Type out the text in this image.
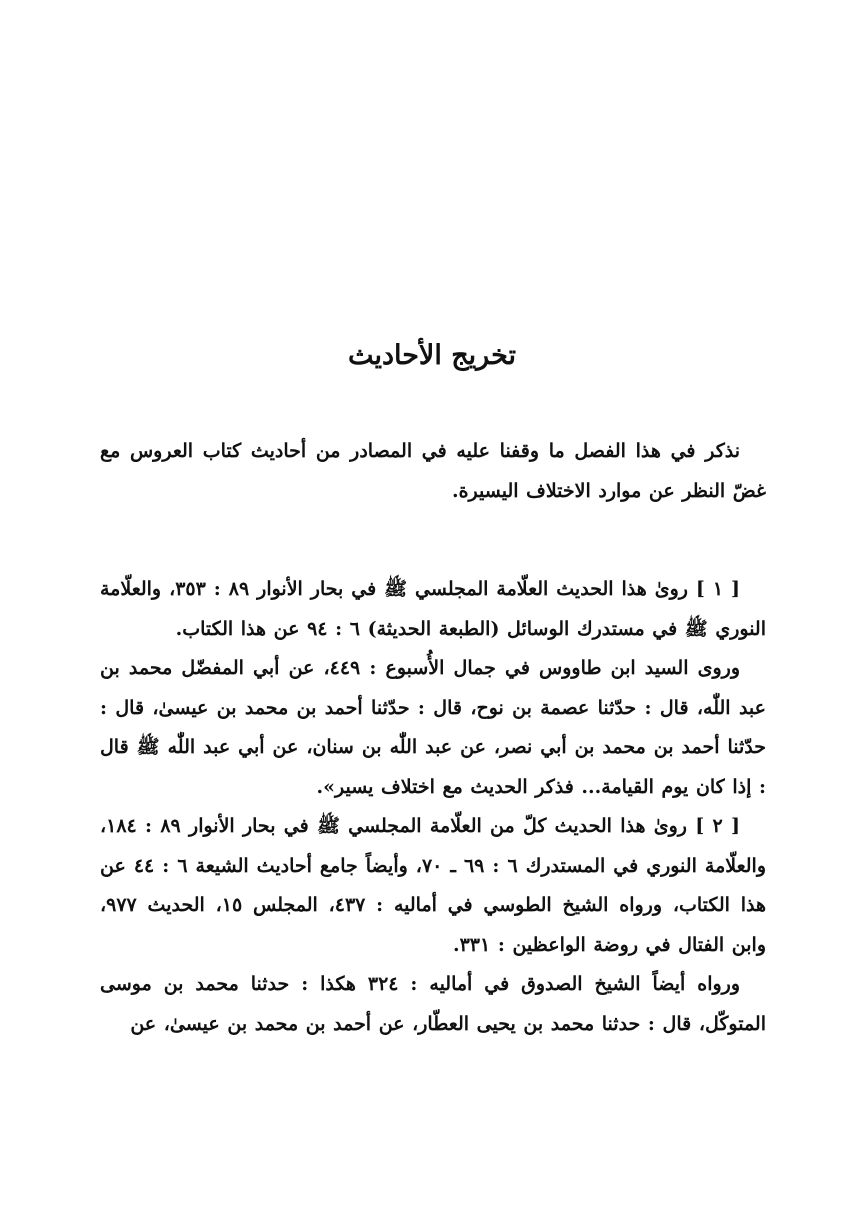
تخريج الأحاديث

نذكر في هذا الفصل ما وقفنا عليه في المصادر من أحاديث كتاب العروس مع غضّ النظر عن موارد الاختلاف اليسيرة.

[ ١ ] روىٰ هذا الحديث العلّامة المجلسي ﷺ في بحار الأنوار ٨٩ : ٣٥٣، والعلّامة النوري ﷺ في مستدرك الوسائل (الطبعة الحديثة) ٦ : ٩٤ عن هذا الكتاب.

وروى السيد ابن طاووس في جمال الأُسبوع : ٤٤٩، عن أبي المفضّل محمد بن عبد اللّٰه، قال : حدّثنا عصمة بن نوح، قال : حدّثنا أحمد بن محمد بن عيسىٰ، قال : حدّثنا أحمد بن محمد بن أبي نصر، عن عبد اللّٰه بن سنان، عن أبي عبد اللّٰه ﷺ قال : إذا كان يوم القيامة... فذكر الحديث مع اختلاف يسير».

[ ٢ ] روىٰ هذا الحديث كلّ من العلّامة المجلسي ﷺ في بحار الأنوار ٨٩ : ١٨٤، والعلّامة النوري في المستدرك ٦ : ٦٩ ـ ٧٠، وأيضاً جامع أحاديث الشيعة ٦ : ٤٤ عن هذا الكتاب، ورواه الشيخ الطوسي في أماليه : ٤٣٧، المجلس ١٥، الحديث ٩٧٧، وابن الفتال في روضة الواعظين : ٣٣١.

ورواه أيضاً الشيخ الصدوق في أماليه : ٣٢٤ هكذا : حدثنا محمد بن موسى المتوكّل، قال : حدثنا محمد بن يحيى العطّار، عن أحمد بن محمد بن عيسىٰ، عن
